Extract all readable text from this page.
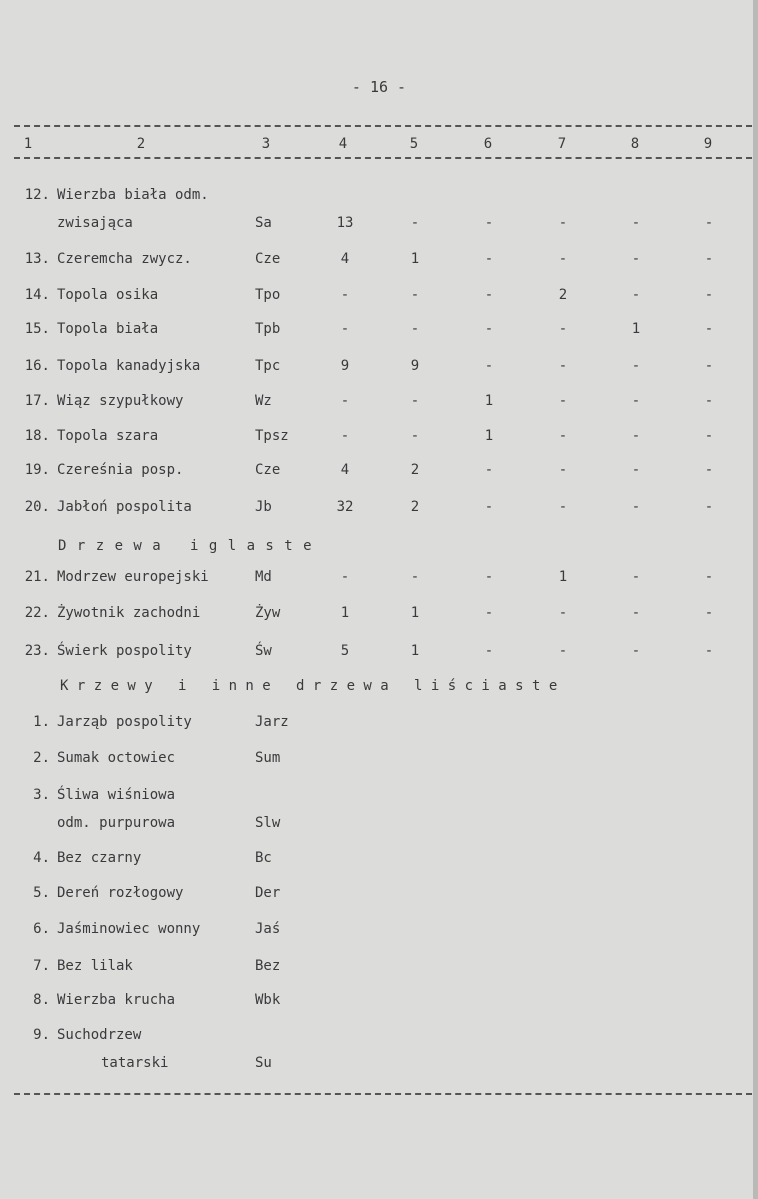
- 16 -
1	2	3	4	5	6	7	8	9
12. Wierzba biała odm.
zwisająca	Sa	13	-	-	-	-	-
13. Czeremcha zwycz.	Cze	4	1	-	-	-	-
14. Topola osika	Tpo	-	-	-	2	-	-
15. Topola biała	Tpb	-	-	-	-	1	-
16. Topola kanadyjska	Tpc	9	9	-	-	-	-
17. Wiąz szypułkowy	Wz	-	-	1	-	-	-
18. Topola szara	Tpsz	-	-	1	-	-	-
19. Czereśnia posp.	Cze	4	2	-	-	-	-
20. Jabłoń pospolita	Jb	32	2	-	-	-	-
21. Modrzew europejski	Md	-	-	-	1	-	-
22. Żywotnik zachodni	Żyw	1	1	-	-	-	-
23. Świerk pospolity	Św	5	1	-	-	-	-
1. Jarząb pospolity	Jarz
2. Sumak octowiec	Sum
3. Śliwa wiśniowa
odm. purpurowa	Slw
4. Bez czarny	Bc
5. Dereń rozłogowy	Der
6. Jaśminowiec wonny	Jaś
7. Bez lilak	Bez
8. Wierzba krucha	Wbk
9. Suchodrzew
tatarski	Su
D r z e w a   i g l a s t e
K r z e w y   i   i n n e   d r z e w a   l i ś c i a s t e
